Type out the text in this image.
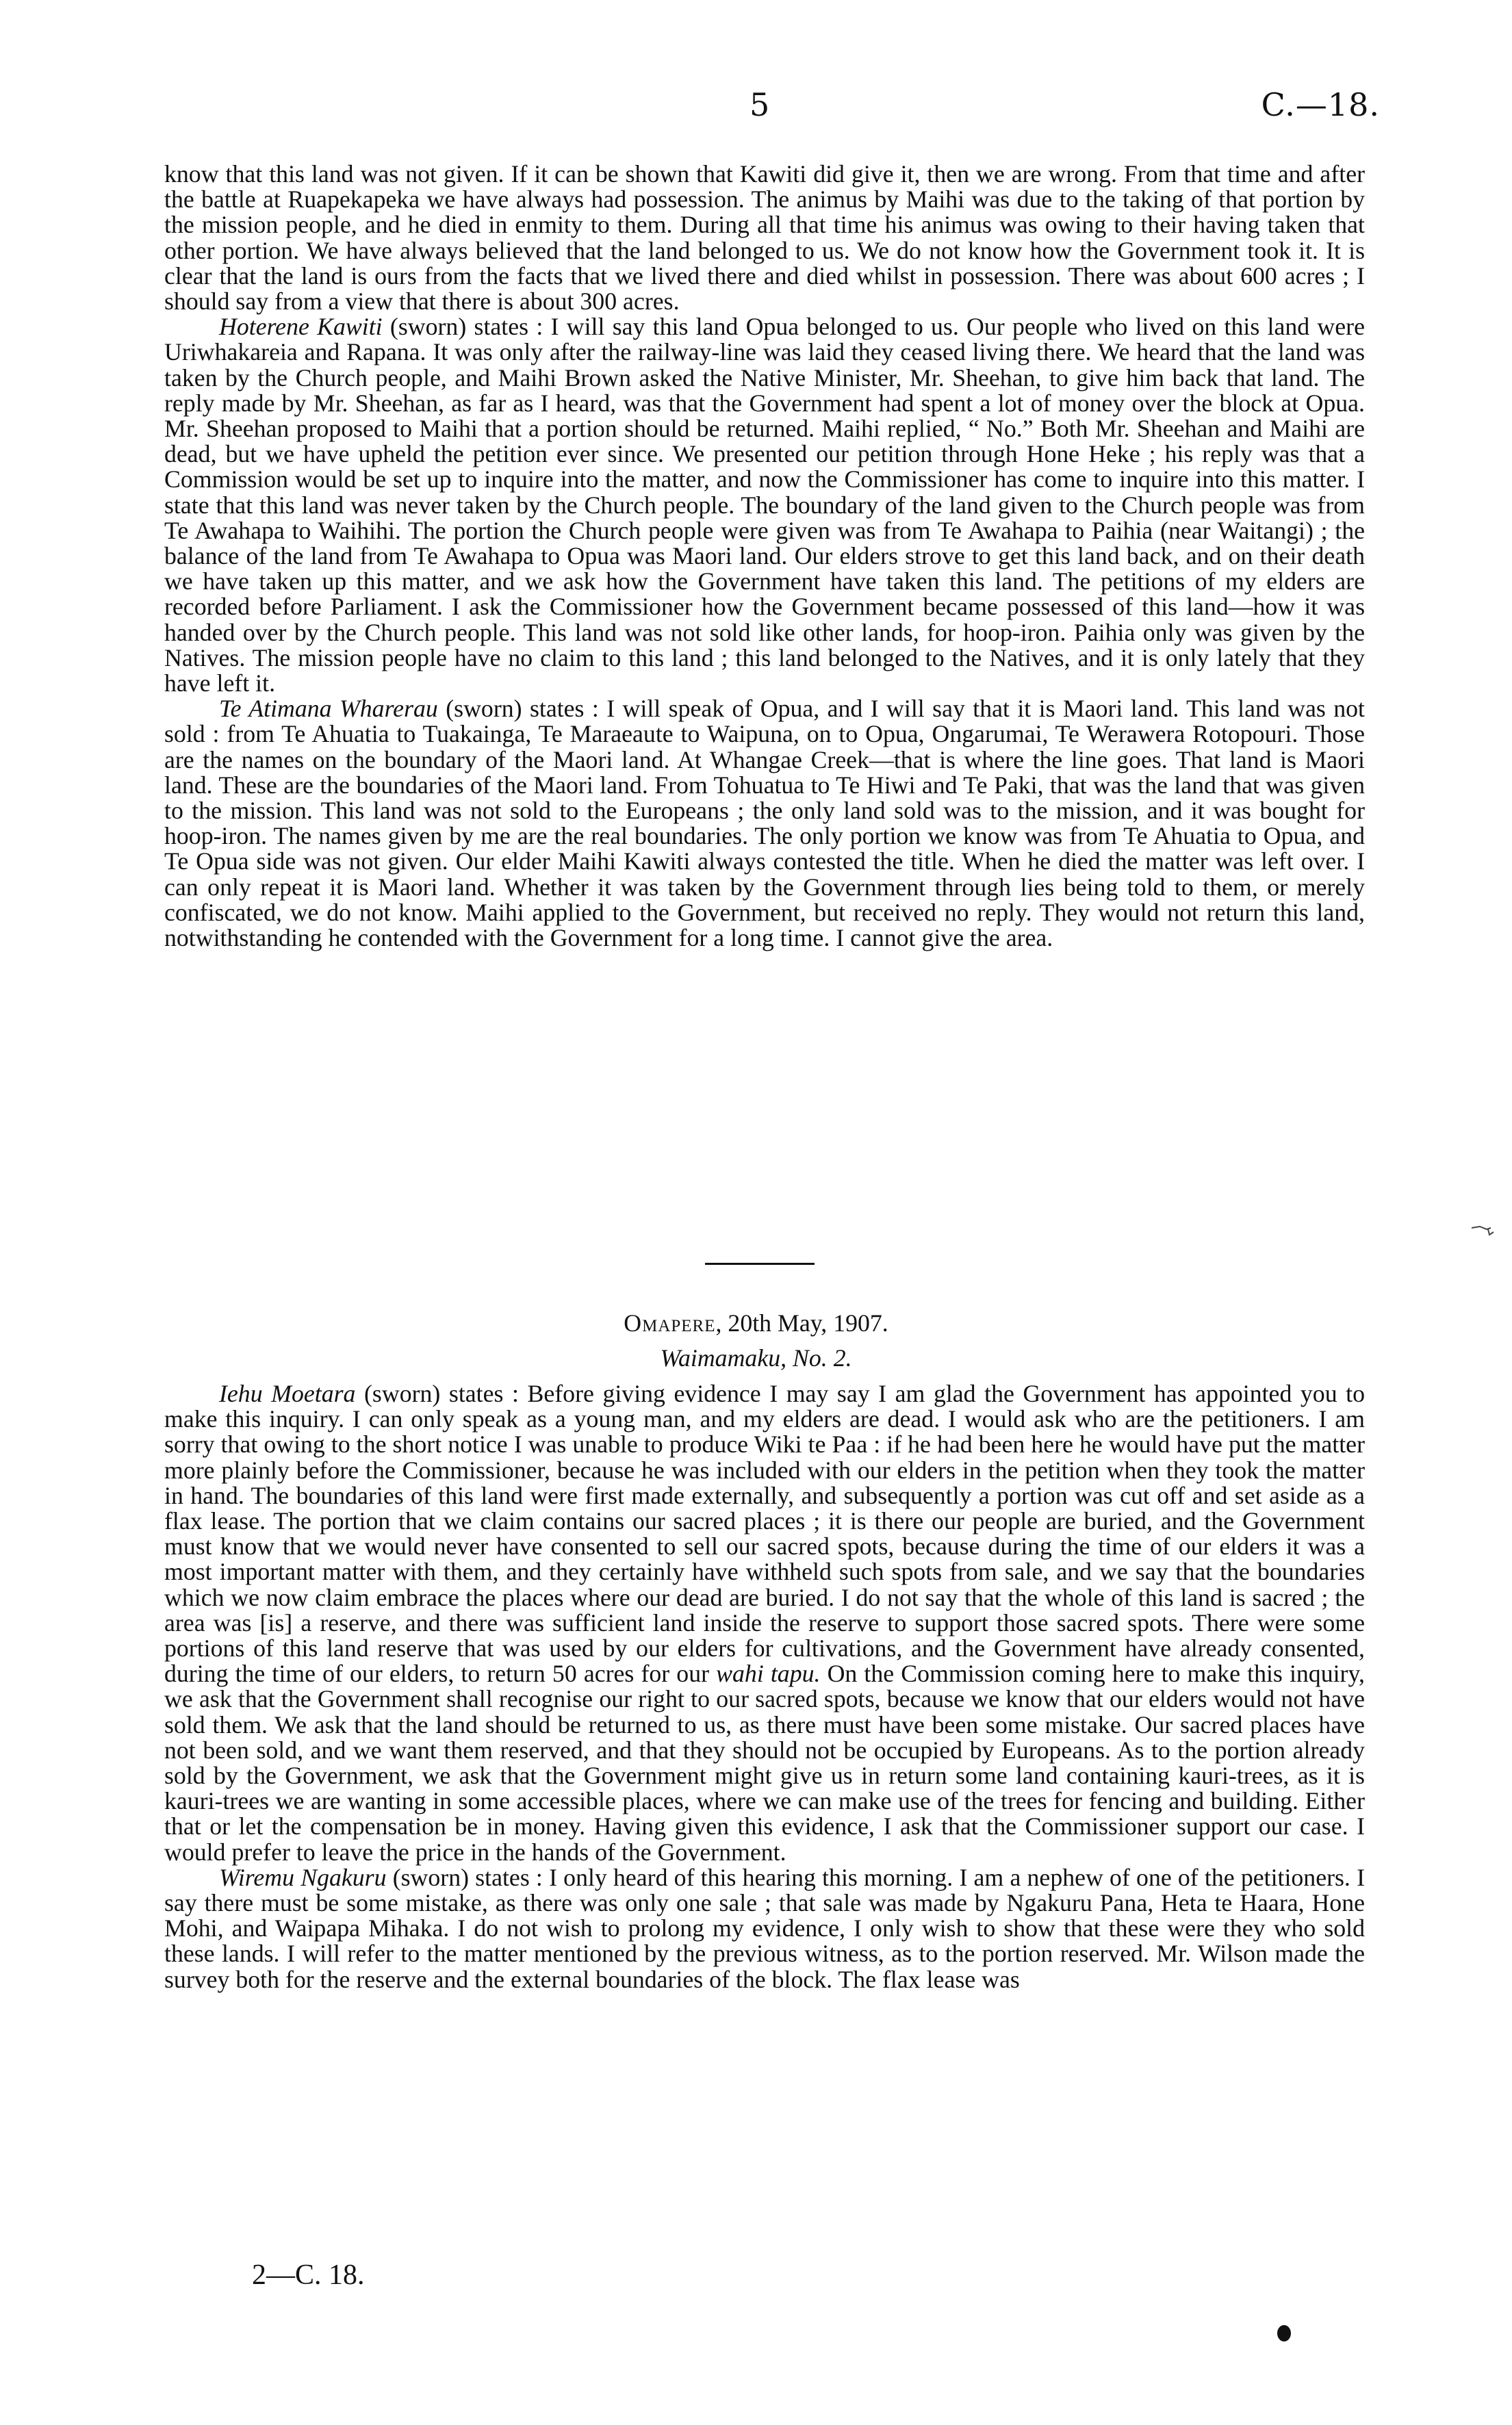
5	C.—18.

know that this land was not given. If it can be shown that Kawiti did give it, then we are wrong. From that time and after the battle at Ruapekapeka we have always had possession. The animus by Maihi was due to the taking of that portion by the mission people, and he died in enmity to them. During all that time his animus was owing to their having taken that other portion. We have always believed that the land belonged to us. We do not know how the Government took it. It is clear that the land is ours from the facts that we lived there and died whilst in possession. There was about 600 acres ; I should say from a view that there is about 300 acres.

Hoterene Kawiti (sworn) states : I will say this land Opua belonged to us. Our people who lived on this land were Uriwhakareia and Rapana. It was only after the railway-line was laid they ceased living there. We heard that the land was taken by the Church people, and Maihi Brown asked the Native Minister, Mr. Sheehan, to give him back that land. The reply made by Mr. Sheehan, as far as I heard, was that the Government had spent a lot of money over the block at Opua. Mr. Sheehan proposed to Maihi that a portion should be returned. Maihi replied, “ No.” Both Mr. Sheehan and Maihi are dead, but we have upheld the petition ever since. We presented our petition through Hone Heke ; his reply was that a Commission would be set up to inquire into the matter, and now the Commissioner has come to inquire into this matter. I state that this land was never taken by the Church people. The boundary of the land given to the Church people was from Te Awahapa to Waihihi. The portion the Church people were given was from Te Awahapa to Paihia (near Waitangi) ; the balance of the land from Te Awahapa to Opua was Maori land. Our elders strove to get this land back, and on their death we have taken up this matter, and we ask how the Government have taken this land. The petitions of my elders are recorded before Parliament. I ask the Commissioner how the Government became possessed of this land—how it was handed over by the Church people. This land was not sold like other lands, for hoop-iron. Paihia only was given by the Natives. The mission people have no claim to this land ; this land belonged to the Natives, and it is only lately that they have left it.

Te Atimana Wharerau (sworn) states : I will speak of Opua, and I will say that it is Maori land. This land was not sold : from Te Ahuatia to Tuakainga, Te Maraeaute to Waipuna, on to Opua, Ongarumai, Te Werawera Rotopouri. Those are the names on the boundary of the Maori land. At Whangae Creek—that is where the line goes. That land is Maori land. These are the boundaries of the Maori land. From Tohuatua to Te Hiwi and Te Paki, that was the land that was given to the mission. This land was not sold to the Europeans ; the only land sold was to the mission, and it was bought for hoop-iron. The names given by me are the real boundaries. The only portion we know was from Te Ahuatia to Opua, and Te Opua side was not given. Our elder Maihi Kawiti always contested the title. When he died the matter was left over. I can only repeat it is Maori land. Whether it was taken by the Government through lies being told to them, or merely confiscated, we do not know. Maihi applied to the Government, but received no reply. They would not return this land, notwithstanding he contended with the Government for a long time. I cannot give the area.

Omapere, 20th May, 1907.
Waimamaku, No. 2.

Iehu Moetara (sworn) states : Before giving evidence I may say I am glad the Government has appointed you to make this inquiry. I can only speak as a young man, and my elders are dead. I would ask who are the petitioners. I am sorry that owing to the short notice I was unable to produce Wiki te Paa : if he had been here he would have put the matter more plainly before the Commissioner, because he was included with our elders in the petition when they took the matter in hand. The boundaries of this land were first made externally, and subsequently a portion was cut off and set aside as a flax lease. The portion that we claim contains our sacred places ; it is there our people are buried, and the Government must know that we would never have consented to sell our sacred spots, because during the time of our elders it was a most important matter with them, and they certainly have withheld such spots from sale, and we say that the boundaries which we now claim embrace the places where our dead are buried. I do not say that the whole of this land is sacred ; the area was [is] a reserve, and there was sufficient land inside the reserve to support those sacred spots. There were some portions of this land reserve that was used by our elders for cultivations, and the Government have already consented, during the time of our elders, to return 50 acres for our wahi tapu. On the Commission coming here to make this inquiry, we ask that the Government shall recognise our right to our sacred spots, because we know that our elders would not have sold them. We ask that the land should be returned to us, as there must have been some mistake. Our sacred places have not been sold, and we want them reserved, and that they should not be occupied by Europeans. As to the portion already sold by the Government, we ask that the Government might give us in return some land containing kauri-trees, as it is kauri-trees we are wanting in some accessible places, where we can make use of the trees for fencing and building. Either that or let the compensation be in money. Having given this evidence, I ask that the Commissioner support our case. I would prefer to leave the price in the hands of the Government.

Wiremu Ngakuru (sworn) states : I only heard of this hearing this morning. I am a nephew of one of the petitioners. I say there must be some mistake, as there was only one sale ; that sale was made by Ngakuru Pana, Heta te Haara, Hone Mohi, and Waipapa Mihaka. I do not wish to prolong my evidence, I only wish to show that these were they who sold these lands. I will refer to the matter mentioned by the previous witness, as to the portion reserved. Mr. Wilson made the survey both for the reserve and the external boundaries of the block. The flax lease was

2—C. 18.
